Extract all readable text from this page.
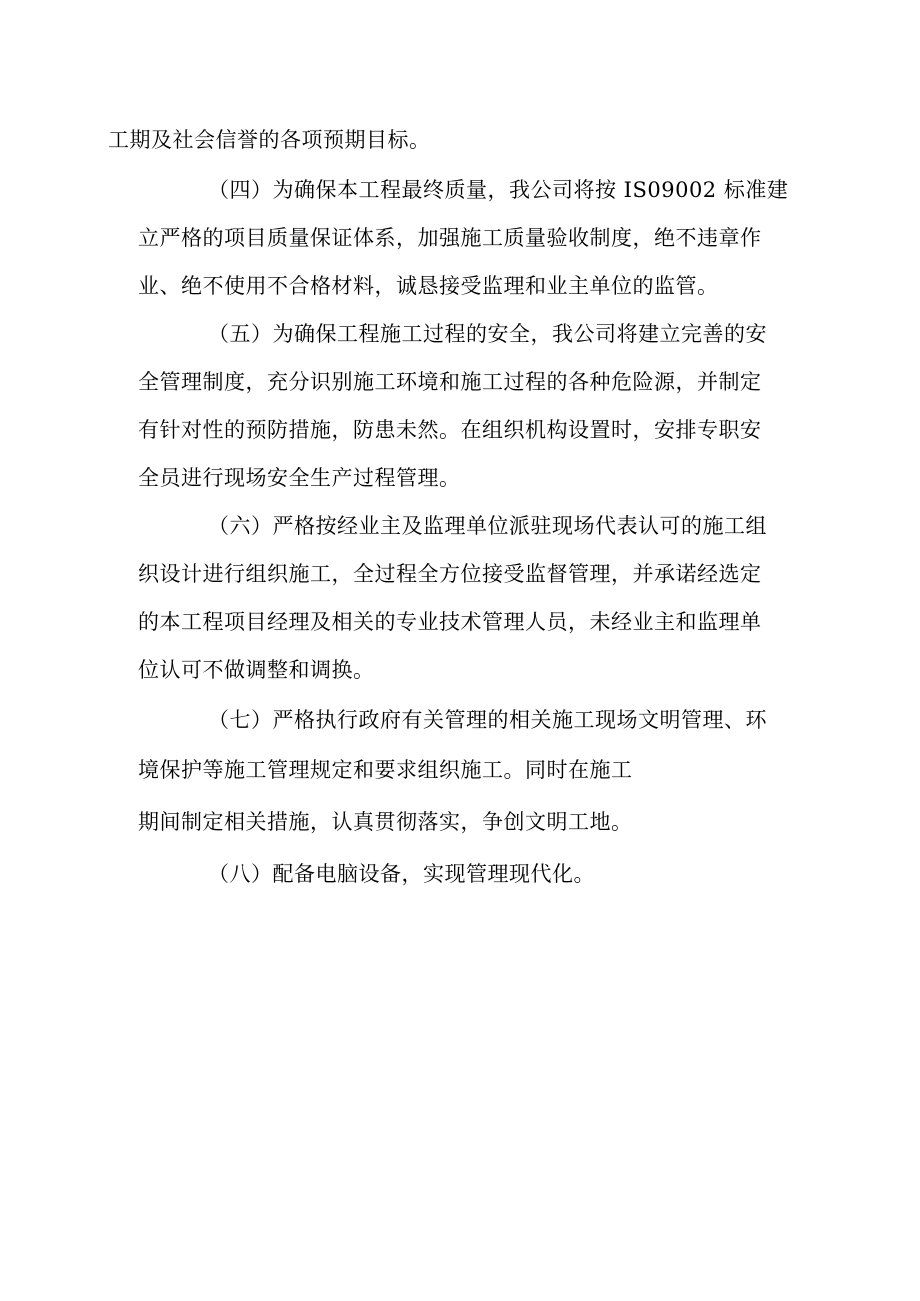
工期及社会信誉的各项预期目标。
（四）为确保本工程最终质量，我公司将按 IS09002 标准建
立严格的项目质量保证体系，加强施工质量验收制度，绝不违章作
业、绝不使用不合格材料，诚恳接受监理和业主单位的监管。
（五）为确保工程施工过程的安全，我公司将建立完善的安
全管理制度，充分识别施工环境和施工过程的各种危险源，并制定
有针对性的预防措施，防患未然。在组织机构设置时，安排专职安
全员进行现场安全生产过程管理。
（六）严格按经业主及监理单位派驻现场代表认可的施工组
织设计进行组织施工，全过程全方位接受监督管理，并承诺经选定
的本工程项目经理及相关的专业技术管理人员，未经业主和监理单
位认可不做调整和调换。
（七）严格执行政府有关管理的相关施工现场文明管理、环
境保护等施工管理规定和要求组织施工。同时在施工
期间制定相关措施，认真贯彻落实，争创文明工地。
（八）配备电脑设备，实现管理现代化。
